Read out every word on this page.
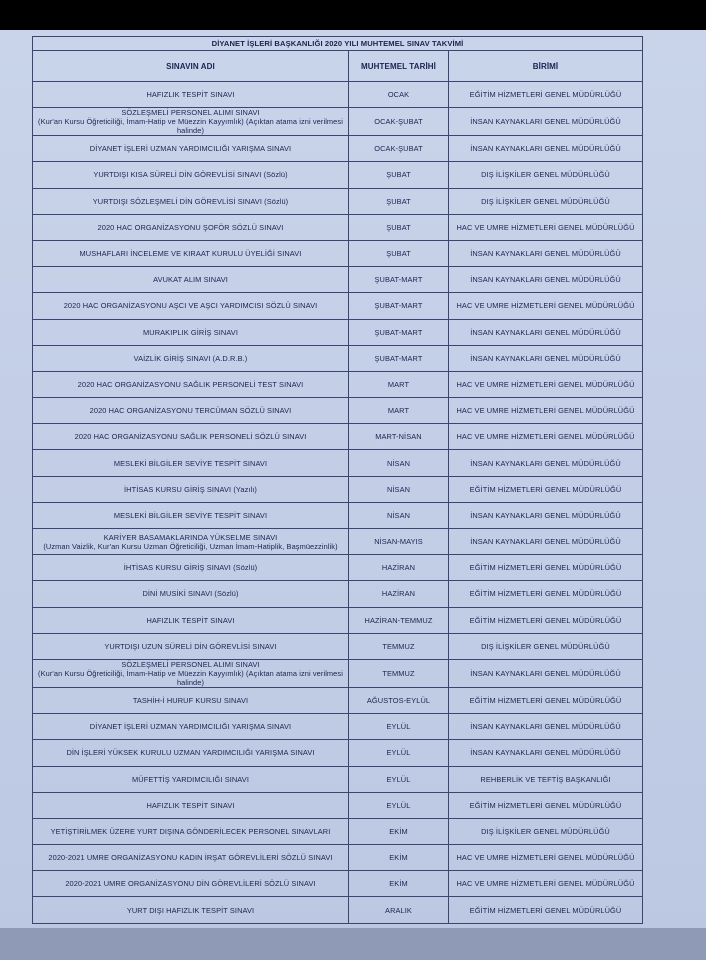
DİYANET İŞLERİ BAŞKANLIĞI 2020 YILI MUHTEMEL SINAV TAKVİMİ		
SINAVIN ADI	MUHTEMEL TARİHİ	BİRİMİ
HAFIZLIK TESPİT SINAVI	OCAK	EĞİTİM HİZMETLERİ GENEL MÜDÜRLÜĞÜ
SÖZLEŞMELİ PERSONEL ALIMI SINAVI
(Kur'an Kursu Öğreticiliği, İmam-Hatip ve Müezzin Kayyımlık) (Açıktan atama izni verilmesi halinde)	OCAK-ŞUBAT	İNSAN KAYNAKLARI GENEL MÜDÜRLÜĞÜ
DİYANET İŞLERİ UZMAN YARDIMCILIĞI YARIŞMA SINAVI	OCAK-ŞUBAT	İNSAN KAYNAKLARI GENEL MÜDÜRLÜĞÜ
YURTDIŞI KISA SÜRELİ DİN GÖREVLİSİ SINAVI (Sözlü)	ŞUBAT	DIŞ İLİŞKİLER GENEL MÜDÜRLÜĞÜ
YURTDIŞI SÖZLEŞMELİ DİN GÖREVLİSİ SINAVI (Sözlü)	ŞUBAT	DIŞ İLİŞKİLER GENEL MÜDÜRLÜĞÜ
2020 HAC ORGANİZASYONU ŞOFÖR SÖZLÜ SINAVI	ŞUBAT	HAC VE UMRE HİZMETLERİ GENEL MÜDÜRLÜĞÜ
MUSHAFLARI İNCELEME VE KIRAAT KURULU ÜYELİĞİ SINAVI	ŞUBAT	İNSAN KAYNAKLARI GENEL MÜDÜRLÜĞÜ
AVUKAT ALIM SINAVI	ŞUBAT-MART	İNSAN KAYNAKLARI GENEL MÜDÜRLÜĞÜ
2020 HAC ORGANİZASYONU AŞCI VE AŞCI YARDIMCISI SÖZLÜ SINAVI	ŞUBAT-MART	HAC VE UMRE HİZMETLERİ GENEL MÜDÜRLÜĞÜ
MURAKIPLIK GİRİŞ SINAVI	ŞUBAT-MART	İNSAN KAYNAKLARI GENEL MÜDÜRLÜĞÜ
VAİZLİK GİRİŞ SINAVI (A.D.R.B.)	ŞUBAT-MART	İNSAN KAYNAKLARI GENEL MÜDÜRLÜĞÜ
2020 HAC ORGANİZASYONU SAĞLIK PERSONELİ TEST SINAVI	MART	HAC VE UMRE HİZMETLERİ GENEL MÜDÜRLÜĞÜ
2020 HAC ORGANİZASYONU TERCÜMAN SÖZLÜ SINAVI	MART	HAC VE UMRE HİZMETLERİ GENEL MÜDÜRLÜĞÜ
2020 HAC ORGANİZASYONU SAĞLIK PERSONELİ SÖZLÜ SINAVI	MART-NİSAN	HAC VE UMRE HİZMETLERİ GENEL MÜDÜRLÜĞÜ
MESLEKİ BİLGİLER SEVİYE TESPİT SINAVI	NİSAN	İNSAN KAYNAKLARI GENEL MÜDÜRLÜĞÜ
İHTİSAS KURSU GİRİŞ SINAVI (Yazılı)	NİSAN	EĞİTİM HİZMETLERİ GENEL MÜDÜRLÜĞÜ
MESLEKİ BİLGİLER SEVİYE TESPİT SINAVI	NİSAN	İNSAN KAYNAKLARI GENEL MÜDÜRLÜĞÜ
KARİYER BASAMAKLARINDA YÜKSELME SINAVI
(Uzman Vaizlik, Kur'an Kursu Uzman Öğreticiliği, Uzman İmam-Hatiplik, Başmüezzinlik)	NİSAN-MAYIS	İNSAN KAYNAKLARI GENEL MÜDÜRLÜĞÜ
İHTİSAS KURSU GİRİŞ SINAVI (Sözlü)	HAZİRAN	EĞİTİM HİZMETLERİ GENEL MÜDÜRLÜĞÜ
DİNİ MUSİKİ SINAVI (Sözlü)	HAZİRAN	EĞİTİM HİZMETLERİ GENEL MÜDÜRLÜĞÜ
HAFIZLIK TESPİT SINAVI	HAZİRAN-TEMMUZ	EĞİTİM HİZMETLERİ GENEL MÜDÜRLÜĞÜ
YURTDIŞI UZUN SÜRELİ DİN GÖREVLİSİ SINAVI	TEMMUZ	DIŞ İLİŞKİLER GENEL MÜDÜRLÜĞÜ
SÖZLEŞMELİ PERSONEL ALIMI SINAVI
(Kur'an Kursu Öğreticiliği, İmam-Hatip ve Müezzin Kayyımlık) (Açıktan atama izni verilmesi halinde)	TEMMUZ	İNSAN KAYNAKLARI GENEL MÜDÜRLÜĞÜ
TASHİH-İ HURUF KURSU SINAVI	AĞUSTOS-EYLÜL	EĞİTİM HİZMETLERİ GENEL MÜDÜRLÜĞÜ
DİYANET İŞLERİ UZMAN YARDIMCILIĞI YARIŞMA SINAVI	EYLÜL	İNSAN KAYNAKLARI GENEL MÜDÜRLÜĞÜ
DİN İŞLERİ YÜKSEK KURULU UZMAN YARDIMCILIĞI YARIŞMA SINAVI	EYLÜL	İNSAN KAYNAKLARI GENEL MÜDÜRLÜĞÜ
MÜFETTİŞ YARDIMCILIĞI SINAVI	EYLÜL	REHBERLİK VE TEFTİŞ BAŞKANLIĞI
HAFIZLIK TESPİT SINAVI	EYLÜL	EĞİTİM HİZMETLERİ GENEL MÜDÜRLÜĞÜ
YETİŞTİRİLMEK ÜZERE YURT DIŞINA GÖNDERİLECEK PERSONEL SINAVLARI	EKİM	DIŞ İLİŞKİLER GENEL MÜDÜRLÜĞÜ
2020-2021 UMRE ORGANİZASYONU KADIN İRŞAT GÖREVLİLERİ SÖZLÜ SINAVI	EKİM	HAC VE UMRE HİZMETLERİ GENEL MÜDÜRLÜĞÜ
2020-2021 UMRE ORGANİZASYONU DİN GÖREVLİLERİ SÖZLÜ SINAVI	EKİM	HAC VE UMRE HİZMETLERİ GENEL MÜDÜRLÜĞÜ
YURT DIŞI HAFIZLIK TESPİT SINAVI	ARALIK	EĞİTİM HİZMETLERİ GENEL MÜDÜRLÜĞÜ
